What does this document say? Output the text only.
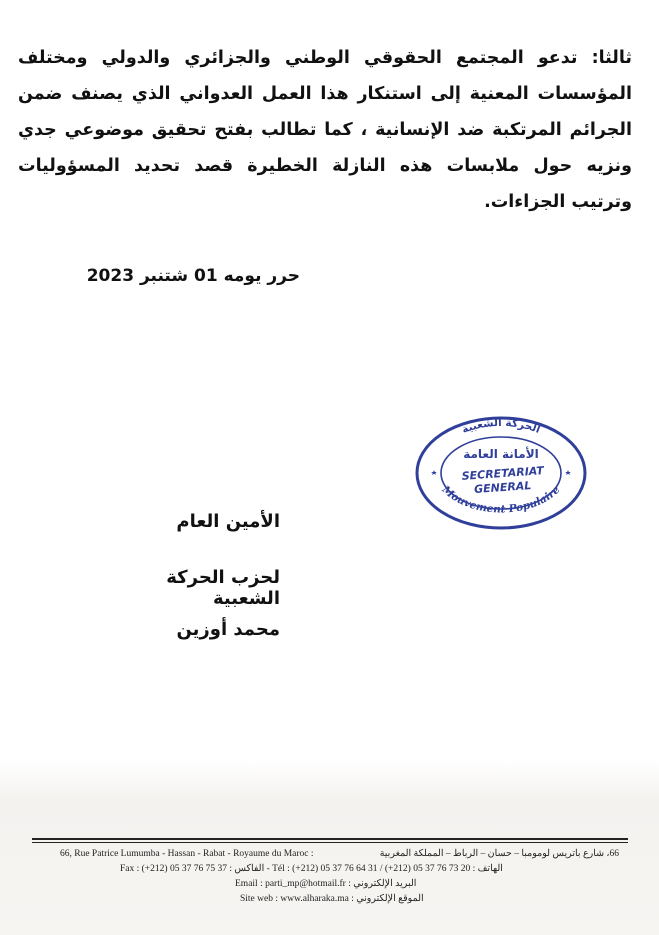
ثالثا: تدعو المجتمع الحقوقي الوطني والجزائري والدولي ومختلف المؤسسات المعنية إلى استنكار هذا العمل العدواني الذي يصنف ضمن الجرائم المرتكبة ضد الإنسانية ، كما تطالب بفتح تحقيق موضوعي جدي ونزيه حول ملابسات هذه النازلة الخطيرة قصد تحديد المسؤوليات وترتيب الجزاءات.
حرر يومه 01 شتنبر 2023
الحركة الشعبية
Mouvement Populaire
الأمانة العامة
SECRETARIAT
GENERAL
الأمين العام
لحزب الحركة الشعبية
محمد أوزين
66, Rue Patrice Lumumba - Hassan - Rabat - Royaume du Maroc :	66، شارع باتريس لومومبا – حسان – الرباط – المملكة المغربية
Fax : (+212) 05 37 76 75 37 : الفاكس - Tél : (+212) 05 37 76 64 31 / (+212) 05 37 76 73 20 : الهاتف
Email : parti_mp@hotmail.fr : البريد الإلكتروني
Site web : www.alharaka.ma : الموقع الإلكتروني
